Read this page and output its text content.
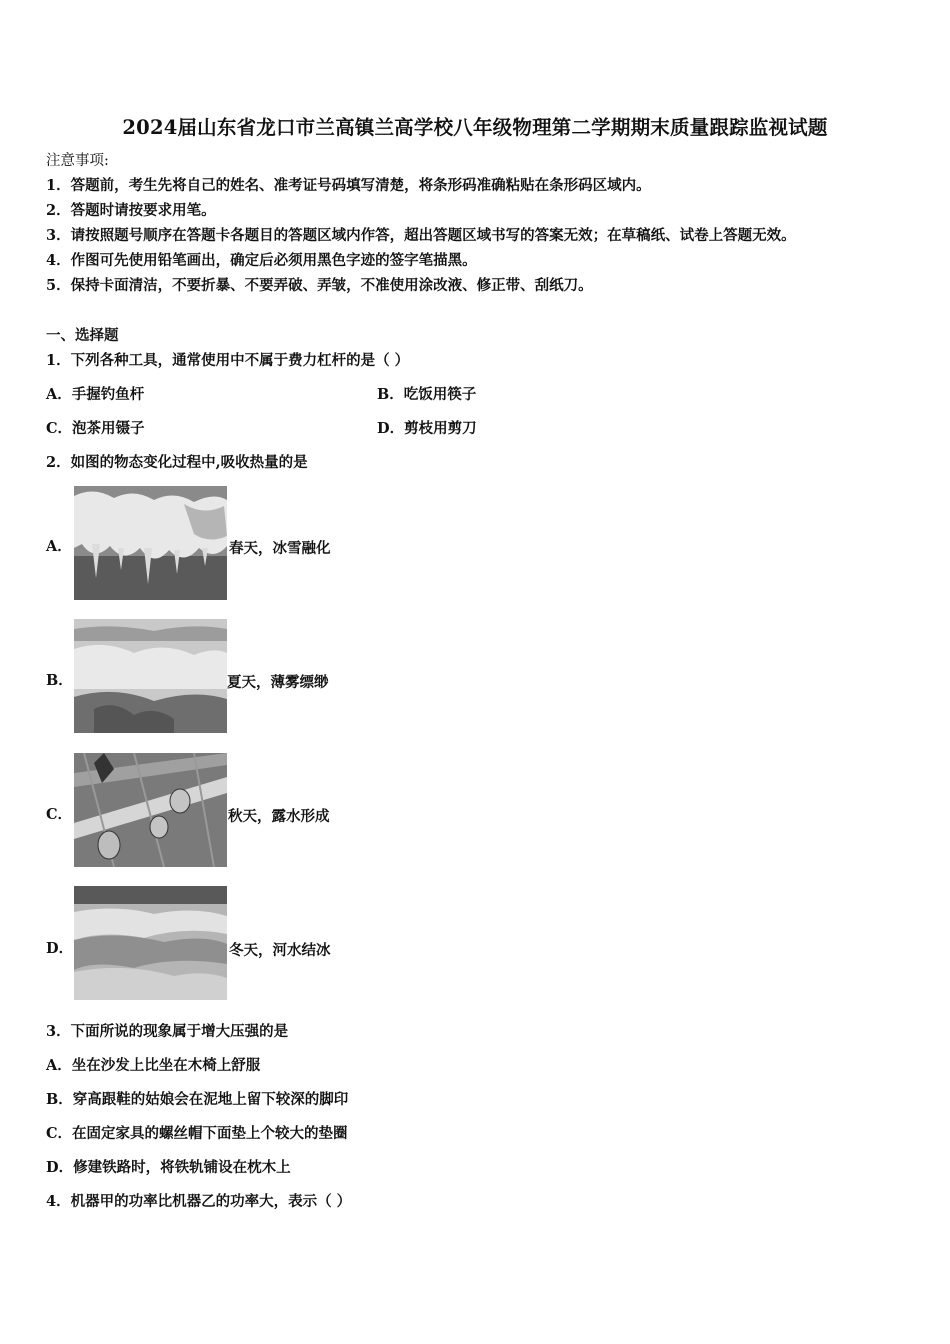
2024届山东省龙口市兰高镇兰高学校八年级物理第二学期期末质量跟踪监视试题
注意事项:
1．答题前，考生先将自己的姓名、准考证号码填写清楚，将条形码准确粘贴在条形码区域内。
2．答题时请按要求用笔。
3．请按照题号顺序在答题卡各题目的答题区域内作答，超出答题区域书写的答案无效；在草稿纸、试卷上答题无效。
4．作图可先使用铅笔画出，确定后必须用黑色字迹的签字笔描黑。
5．保持卡面清洁，不要折暴、不要弄破、弄皱，不准使用涂改液、修正带、刮纸刀。
一、选择题
1．下列各种工具，通常使用中不属于费力杠杆的是（ ）
A．手握钓鱼杆	B．吃饭用筷子
C．泡茶用镊子	D．剪枝用剪刀
2．如图的物态变化过程中,吸收热量的是
A．	春天，冰雪融化
B．	夏天，薄雾缥缈
C．	秋天，露水形成
D．	冬天，河水结冰
3．下面所说的现象属于增大压强的是
A．坐在沙发上比坐在木椅上舒服
B．穿高跟鞋的姑娘会在泥地上留下较深的脚印
C．在固定家具的螺丝帽下面垫上个较大的垫圈
D．修建铁路时，将铁轨铺设在枕木上
4．机器甲的功率比机器乙的功率大，表示（ ）
